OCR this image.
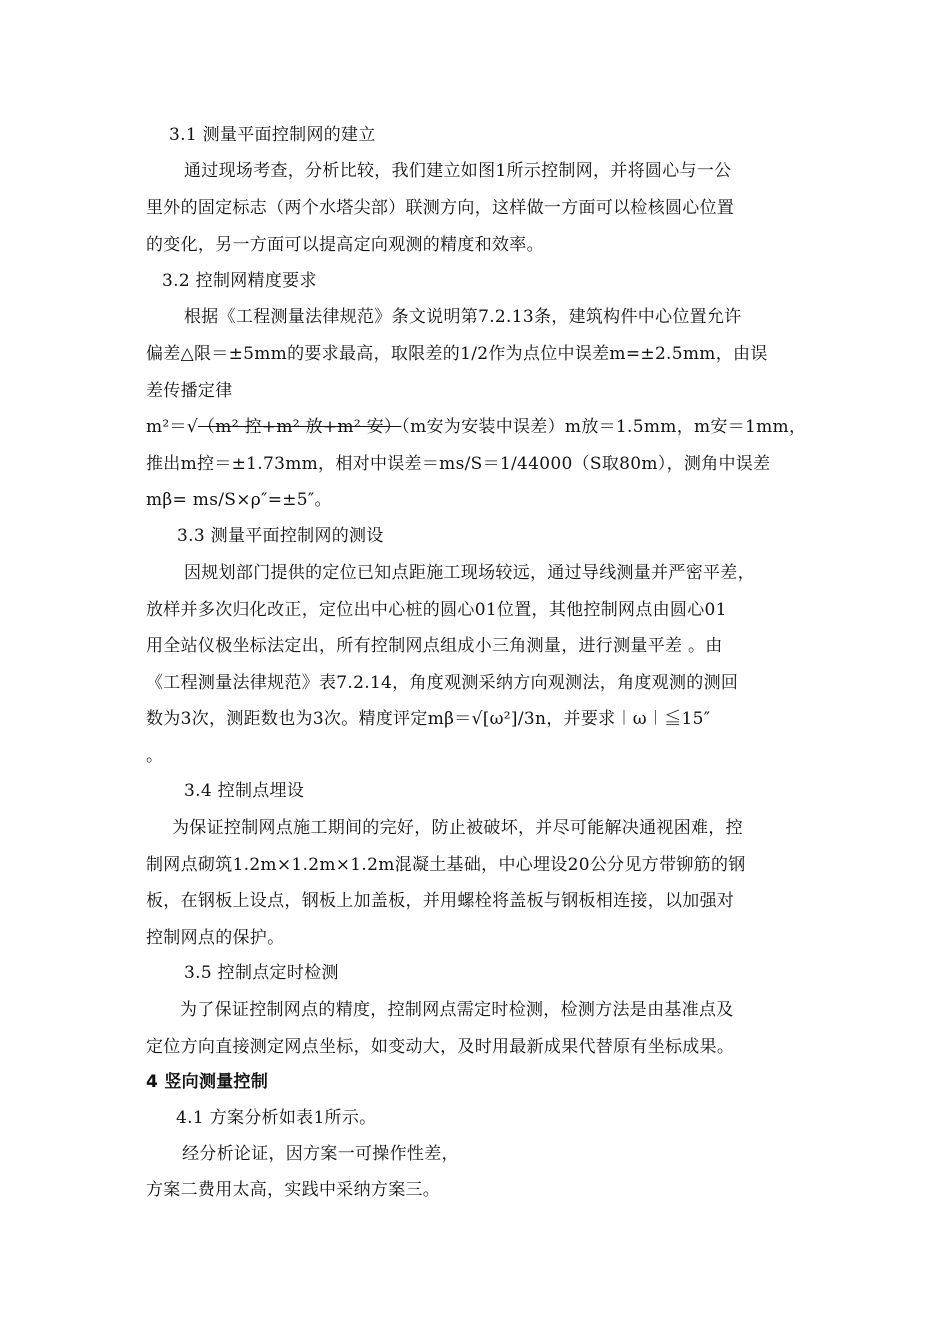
3.1 测量平面控制网的建立
通过现场考查，分析比较，我们建立如图1所示控制网，并将圆心与一公
里外的固定标志（两个水塔尖部）联测方向，这样做一方面可以检核圆心位置
的变化，另一方面可以提高定向观测的精度和效率。
3.2 控制网精度要求
根据《工程测量法律规范》条文说明第7.2.13条，建筑构件中心位置允许
偏差△限＝±5mm的要求最高，取限差的1/2作为点位中误差m=±2.5mm，由误
差传播定律
m²＝√（m² 控+m² 放+m² 安）（m安为安装中误差）m放＝1.5mm，m安＝1mm，
推出m控＝±1.73mm，相对中误差＝ms/S＝1/44000（S取80m），测角中误差
mβ= ms/S×ρ″=±5″。
3.3 测量平面控制网的测设
因规划部门提供的定位已知点距施工现场较远，通过导线测量并严密平差，
放样并多次归化改正，定位出中心桩的圆心01位置，其他控制网点由圆心01
用全站仪极坐标法定出，所有控制网点组成小三角测量，进行测量平差 。由
《工程测量法律规范》表7.2.14，角度观测采纳方向观测法，角度观测的测回
数为3次，测距数也为3次。精度评定mβ＝√[ω²]/3n，并要求︱ω︱≦15″
。
3.4 控制点埋设
为保证控制网点施工期间的完好，防止被破坏，并尽可能解决通视困难，控
制网点砌筑1.2m×1.2m×1.2m混凝土基础，中心埋设20公分见方带铆筋的钢
板，在钢板上设点，钢板上加盖板，并用螺栓将盖板与钢板相连接，以加强对
控制网点的保护。
3.5 控制点定时检测
为了保证控制网点的精度，控制网点需定时检测，检测方法是由基准点及
定位方向直接测定网点坐标，如变动大，及时用最新成果代替原有坐标成果。
4 竖向测量控制
4.1 方案分析如表1所示。
经分析论证，因方案一可操作性差，
方案二费用太高，实践中采纳方案三。
